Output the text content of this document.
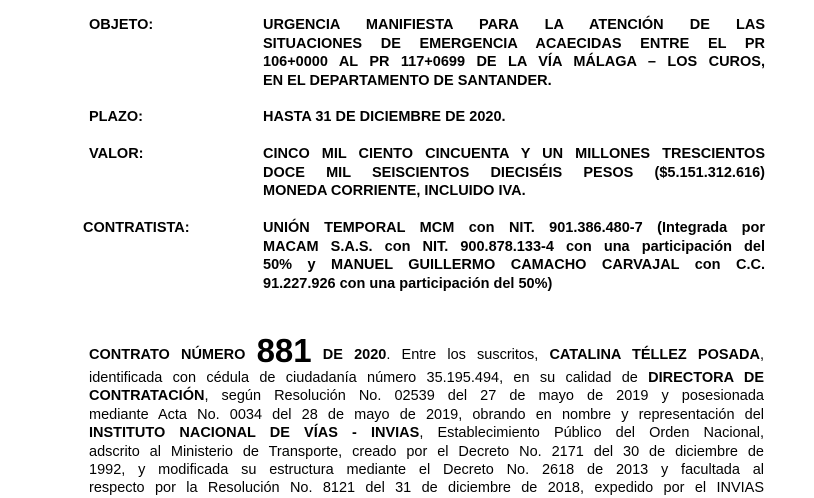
OBJETO:	URGENCIA MANIFIESTA PARA LA ATENCIÓN DE LAS
SITUACIONES DE EMERGENCIA ACAECIDAS ENTRE EL PR
106+0000 AL PR 117+0699 DE LA VÍA MÁLAGA – LOS CUROS,
EN EL DEPARTAMENTO DE SANTANDER.
PLAZO:	HASTA 31 DE DICIEMBRE DE 2020.
VALOR:	CINCO MIL CIENTO CINCUENTA Y UN MILLONES TRESCIENTOS
DOCE MIL SEISCIENTOS DIECISÉIS PESOS ($5.151.312.616)
MONEDA CORRIENTE, INCLUIDO IVA.
CONTRATISTA:	UNIÓN TEMPORAL MCM con NIT. 901.386.480-7 (Integrada por
MACAM S.A.S. con NIT. 900.878.133-4 con una participación del
50% y MANUEL GUILLERMO CAMACHO CARVAJAL con C.C.
91.227.926 con una participación del 50%)
CONTRATO NÚMERO 881 DE 2020. Entre los suscritos, CATALINA TÉLLEZ POSADA,
identificada con cédula de ciudadanía número 35.195.494, en su calidad de DIRECTORA DE
CONTRATACIÓN, según Resolución No. 02539 del 27 de mayo de 2019 y posesionada
mediante Acta No. 0034 del 28 de mayo de 2019, obrando en nombre y representación del
INSTITUTO NACIONAL DE VÍAS - INVIAS, Establecimiento Público del Orden Nacional,
adscrito al Ministerio de Transporte, creado por el Decreto No. 2171 del 30 de diciembre de
1992, y modificada su estructura mediante el Decreto No. 2618 de 2013 y facultada al
respecto por la Resolución No. 8121 del 31 de diciembre de 2018, expedido por el INVIAS
